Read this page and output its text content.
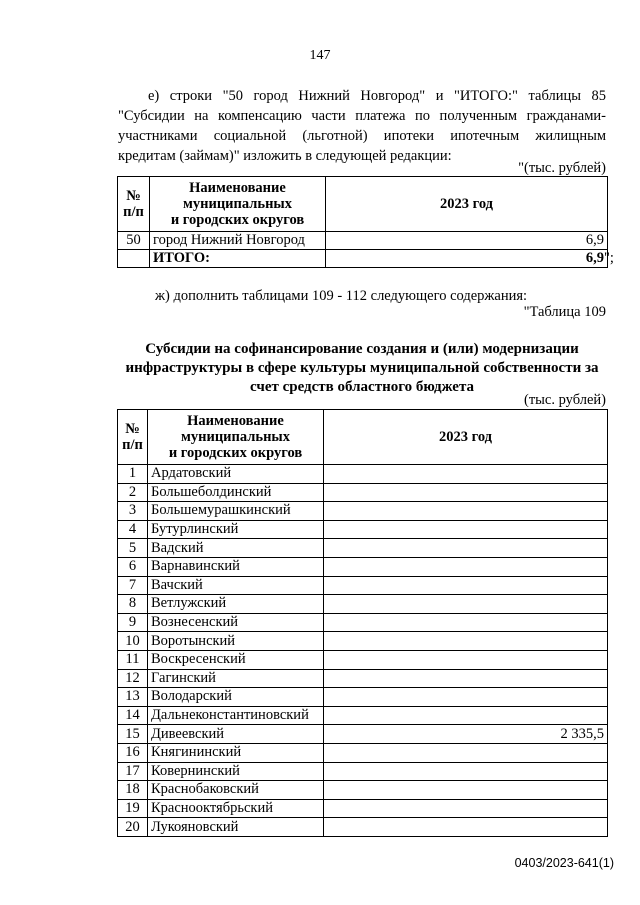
147
е) строки "50 город Нижний Новгород" и "ИТОГО:" таблицы 85
"Субсидии на компенсацию части платежа по полученным гражданами-
участниками социальной (льготной) ипотеки ипотечным жилищным
кредитам (займам)" изложить в следующей редакции:
"(тыс. рублей)
№
п/п	Наименование
муниципальных
и городских округов	2023 год
50	город Нижний Новгород	6,9
	ИТОГО:	6,9 ";
ж) дополнить таблицами 109 - 112 следующего содержания:
"Таблица 109
Субсидии на софинансирование создания и (или) модернизации инфраструктуры в сфере культуры муниципальной собственности за счет средств областного бюджета
(тыс. рублей)
№
п/п	Наименование
муниципальных
и городских округов	2023 год
1	Ардатовский	
2	Большеболдинский	
3	Большемурашкинский	
4	Бутурлинский	
5	Вадский	
6	Варнавинский	
7	Вачский	
8	Ветлужский	
9	Вознесенский	
10	Воротынский	
11	Воскресенский	
12	Гагинский	
13	Володарский	
14	Дальнеконстантиновский	
15	Дивеевский	2 335,5
16	Княгининский	
17	Ковернинский	
18	Краснобаковский	
19	Краснооктябрьский	
20	Лукояновский	
0403/2023-641(1)
